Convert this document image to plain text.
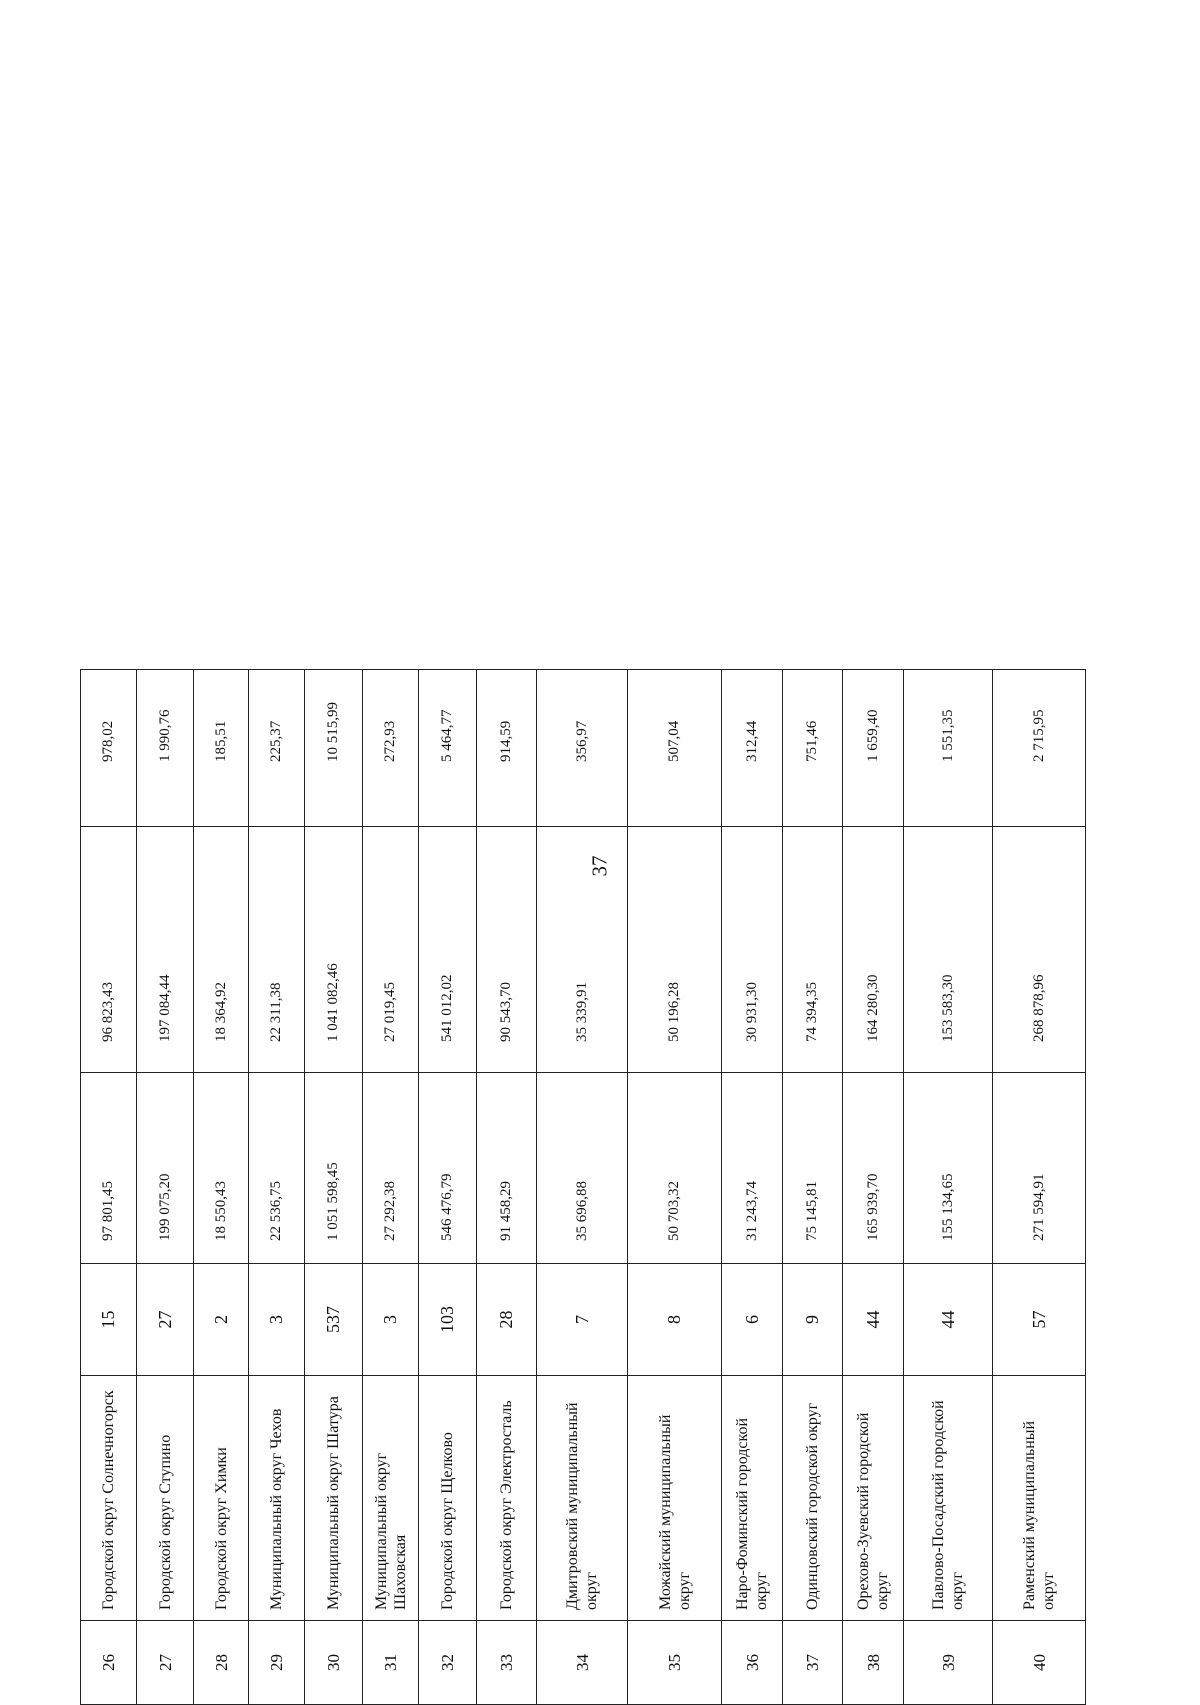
37
26	Городской округ Солнечногорск	15	97 801,45	96 823,43	978,02
27	Городской округ Ступино	27	199 075,20	197 084,44	1 990,76
28	Городской округ Химки	2	18 550,43	18 364,92	185,51
29	Муниципальный округ Чехов	3	22 536,75	22 311,38	225,37
30	Муниципальный округ Шатура	537	1 051 598,45	1 041 082,46	10 515,99
31	Муниципальный округ Шаховская	3	27 292,38	27 019,45	272,93
32	Городской округ Щелково	103	546 476,79	541 012,02	5 464,77
33	Городской округ Электросталь	28	91 458,29	90 543,70	914,59
34	Дмитровский муниципальный округ	7	35 696,88	35 339,91	356,97
35	Можайский муниципальный округ	8	50 703,32	50 196,28	507,04
36	Наро-Фоминский городской округ	6	31 243,74	30 931,30	312,44
37	Одинцовский городской округ	9	75 145,81	74 394,35	751,46
38	Орехово-Зуевский городской округ	44	165 939,70	164 280,30	1 659,40
39	Павлово-Посадский городской округ	44	155 134,65	153 583,30	1 551,35
40	Раменский муниципальный округ	57	271 594,91	268 878,96	2 715,95
